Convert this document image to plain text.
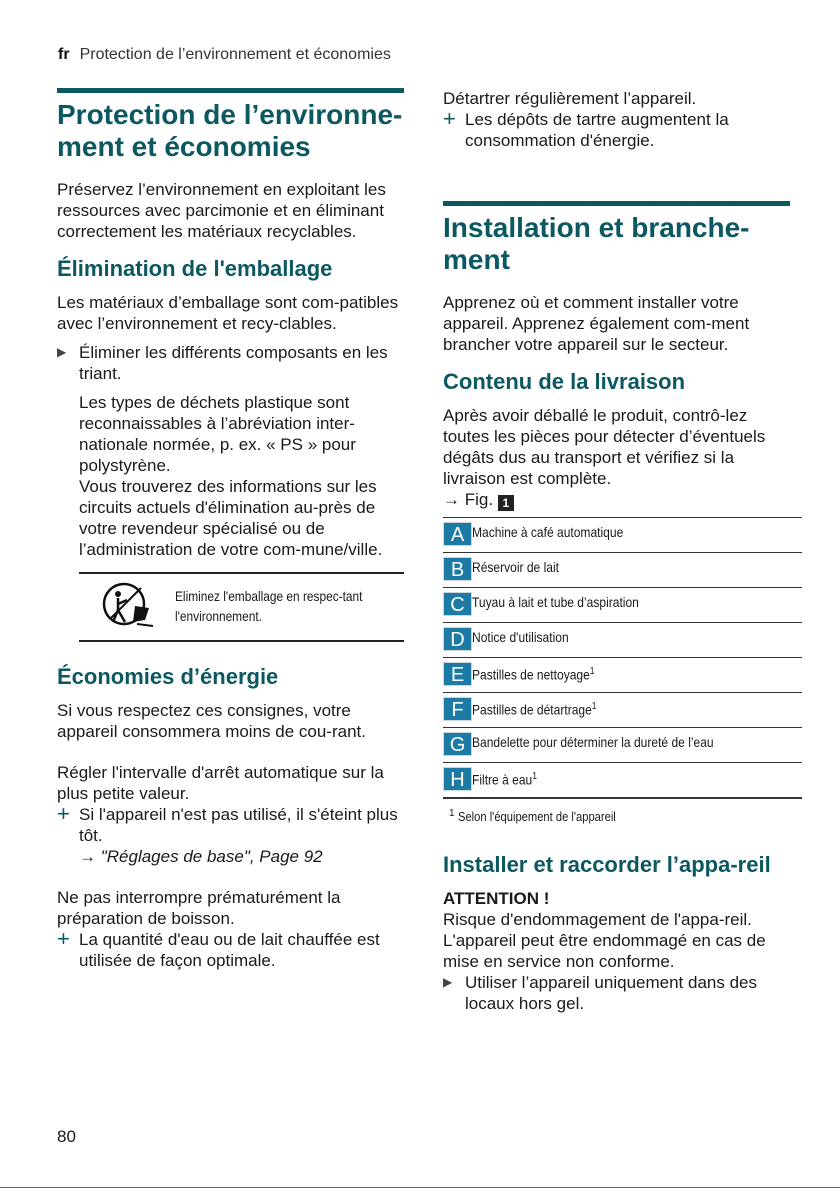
fr Protection de l’environnement et économies
Protection de l’environne-ment et économies

Préservez l’environnement en exploitant les ressources avec parcimonie et en éliminant correctement les matériaux recyclables.

Élimination de l'emballage

Les matériaux d’emballage sont com-patibles avec l’environnement et recy-clables.

▶ Éliminer les différents composants en les triant.

Les types de déchets plastique sont reconnaissables à l’abréviation inter-nationale normée, p. ex. « PS » pour polystyrène.

Vous trouverez des informations sur les circuits actuels d'élimination au-près de votre revendeur spécialisé ou de l’administration de votre com-mune/ville.

Eliminez l'emballage en respec-tant l'environnement.
Économies d’énergie

Si vous respectez ces consignes, votre appareil consommera moins de cou-rant.

Régler l'intervalle d'arrêt automatique sur la plus petite valeur.

+ Si l'appareil n'est pas utilisé, il s'éteint plus tôt.
→ "Réglages de base", Page 92

Ne pas interrompre prématurément la préparation de boisson.

+ La quantité d'eau ou de lait chauffée est utilisée de façon optimale.

Détartrer régulièrement l’appareil.

+ Les dépôts de tartre augmentent la consommation d'énergie.
Installation et branche-ment

Apprenez où et comment installer votre appareil. Apprenez également com-ment brancher votre appareil sur le secteur.

Contenu de la livraison

Après avoir déballé le produit, contrô-lez toutes les pièces pour détecter d’éventuels dégâts dus au transport et vérifiez si la livraison est complète.

→ Fig. 1

A	Machine à café automatique
B	Réservoir de lait
C	Tuyau à lait et tube d’aspiration
D	Notice d'utilisation
E	Pastilles de nettoyage$^1$
F	Pastilles de détartrage$^1$
G	Bandelette pour déterminer la dureté de l’eau
H	Filtre à eau$^1$
$^1$ Selon l'équipement de l'appareil
Installer et raccorder l’appa-reil
ATTENTION !

Risque d'endommagement de l'appa-reil. L'appareil peut être endommagé en cas de mise en service non conforme.

▶ Utiliser l’appareil uniquement dans des locaux hors gel.
80
